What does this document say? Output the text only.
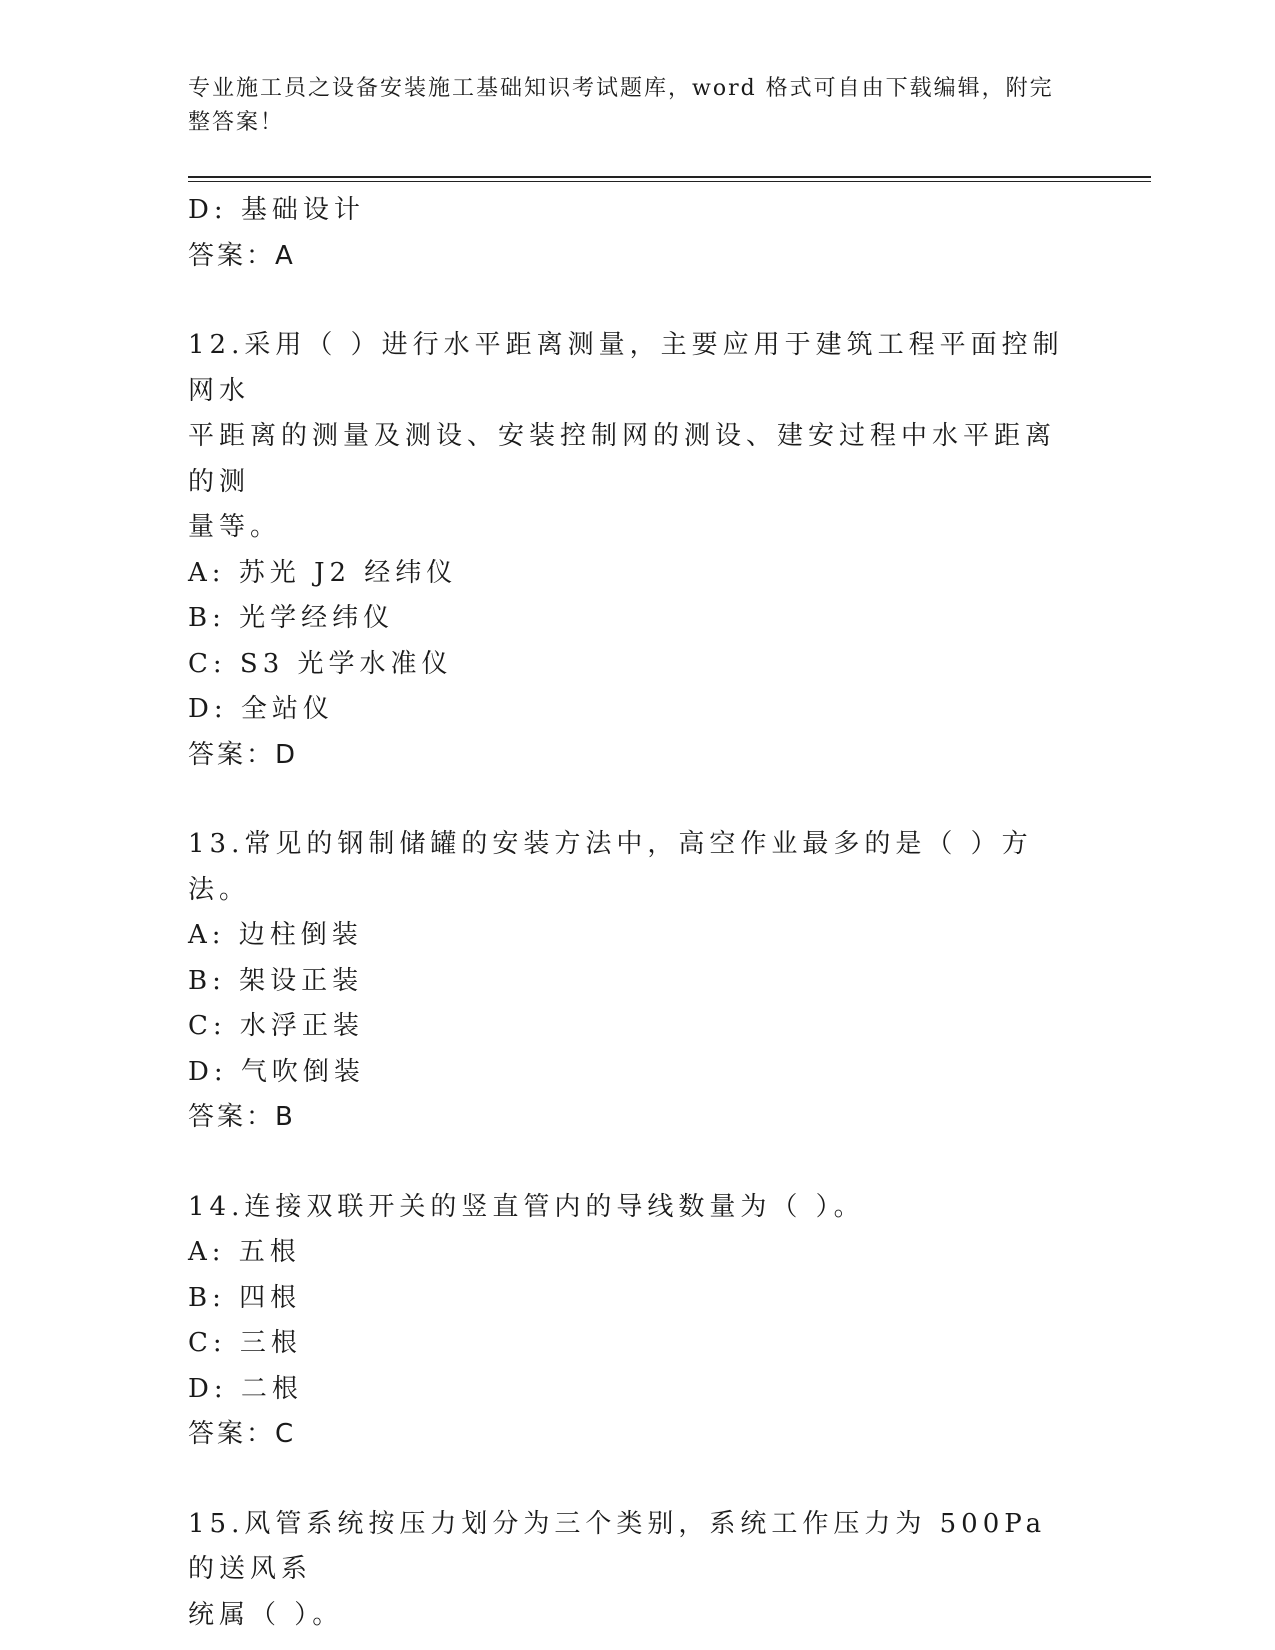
专业施工员之设备安装施工基础知识考试题库，word 格式可自由下载编辑，附完
整答案！
D: 基础设计
答案：A
12.采用（ ）进行水平距离测量，主要应用于建筑工程平面控制网水
平距离的测量及测设、安装控制网的测设、建安过程中水平距离的测
量等。
A: 苏光 J2 经纬仪
B: 光学经纬仪
C: S3 光学水准仪
D: 全站仪
答案：D
13.常见的钢制储罐的安装方法中，高空作业最多的是（ ）方法。
A: 边柱倒装
B: 架设正装
C: 水浮正装
D: 气吹倒装
答案：B
14.连接双联开关的竖直管内的导线数量为（ ）。
A: 五根
B: 四根
C: 三根
D: 二根
答案：C
15.风管系统按压力划分为三个类别，系统工作压力为 500Pa 的送风系
统属（ ）。
